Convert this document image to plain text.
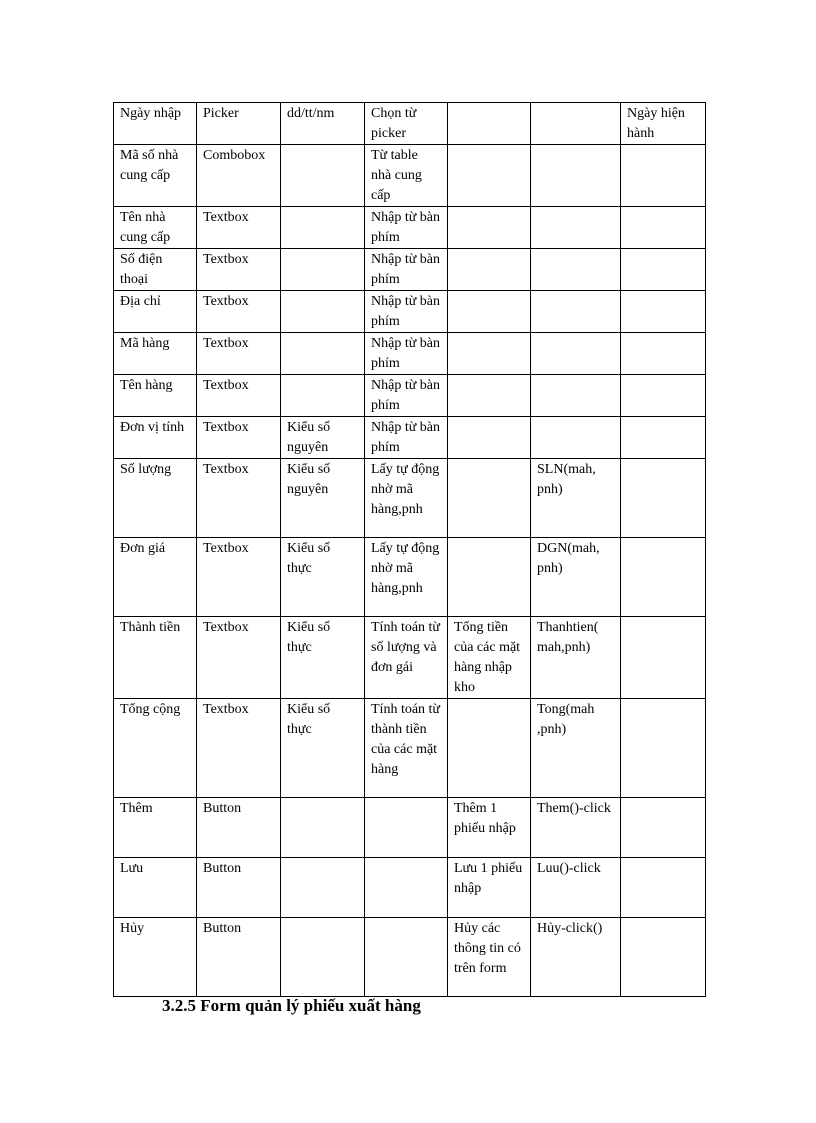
Ngày nhập	Picker	dd/tt/nm	Chọn từ picker			Ngày hiện hành
Mã số nhà cung cấp	Combobox		Từ table nhà cung cấp			
Tên nhà cung cấp	Textbox		Nhập từ bàn phím			
Số điện thoại	Textbox		Nhập từ bàn phím			
Địa chỉ	Textbox		Nhập từ bàn phím			
Mã hàng	Textbox		Nhập từ bàn phím			
Tên hàng	Textbox		Nhập từ bàn phím			
Đơn vị tính	Textbox	Kiểu số nguyên	Nhập từ bàn phím			
Số lượng	Textbox	Kiểu số nguyên	Lấy tự động nhờ mã hàng,pnh		SLN(mah, pnh)	
Đơn giá	Textbox	Kiểu số thực	Lấy tự động nhờ mã hàng,pnh		DGN(mah, pnh)	
Thành tiền	Textbox	Kiểu số thực	Tính toán từ số lượng và đơn gái	Tổng tiền của các mặt hàng nhập kho	Thanhtien( mah,pnh)	
Tổng cộng	Textbox	Kiểu số thực	Tính toán từ thành tiền của các mặt hàng		Tong(mah ,pnh)	
Thêm	Button			Thêm 1 phiếu nhập	Them()-click	
Lưu	Button			Lưu 1 phiếu nhập	Luu()-click	
Hủy	Button			Hủy các thông tin có trên form	Hủy-click()	
3.2.5 Form quản lý phiếu xuất hàng
